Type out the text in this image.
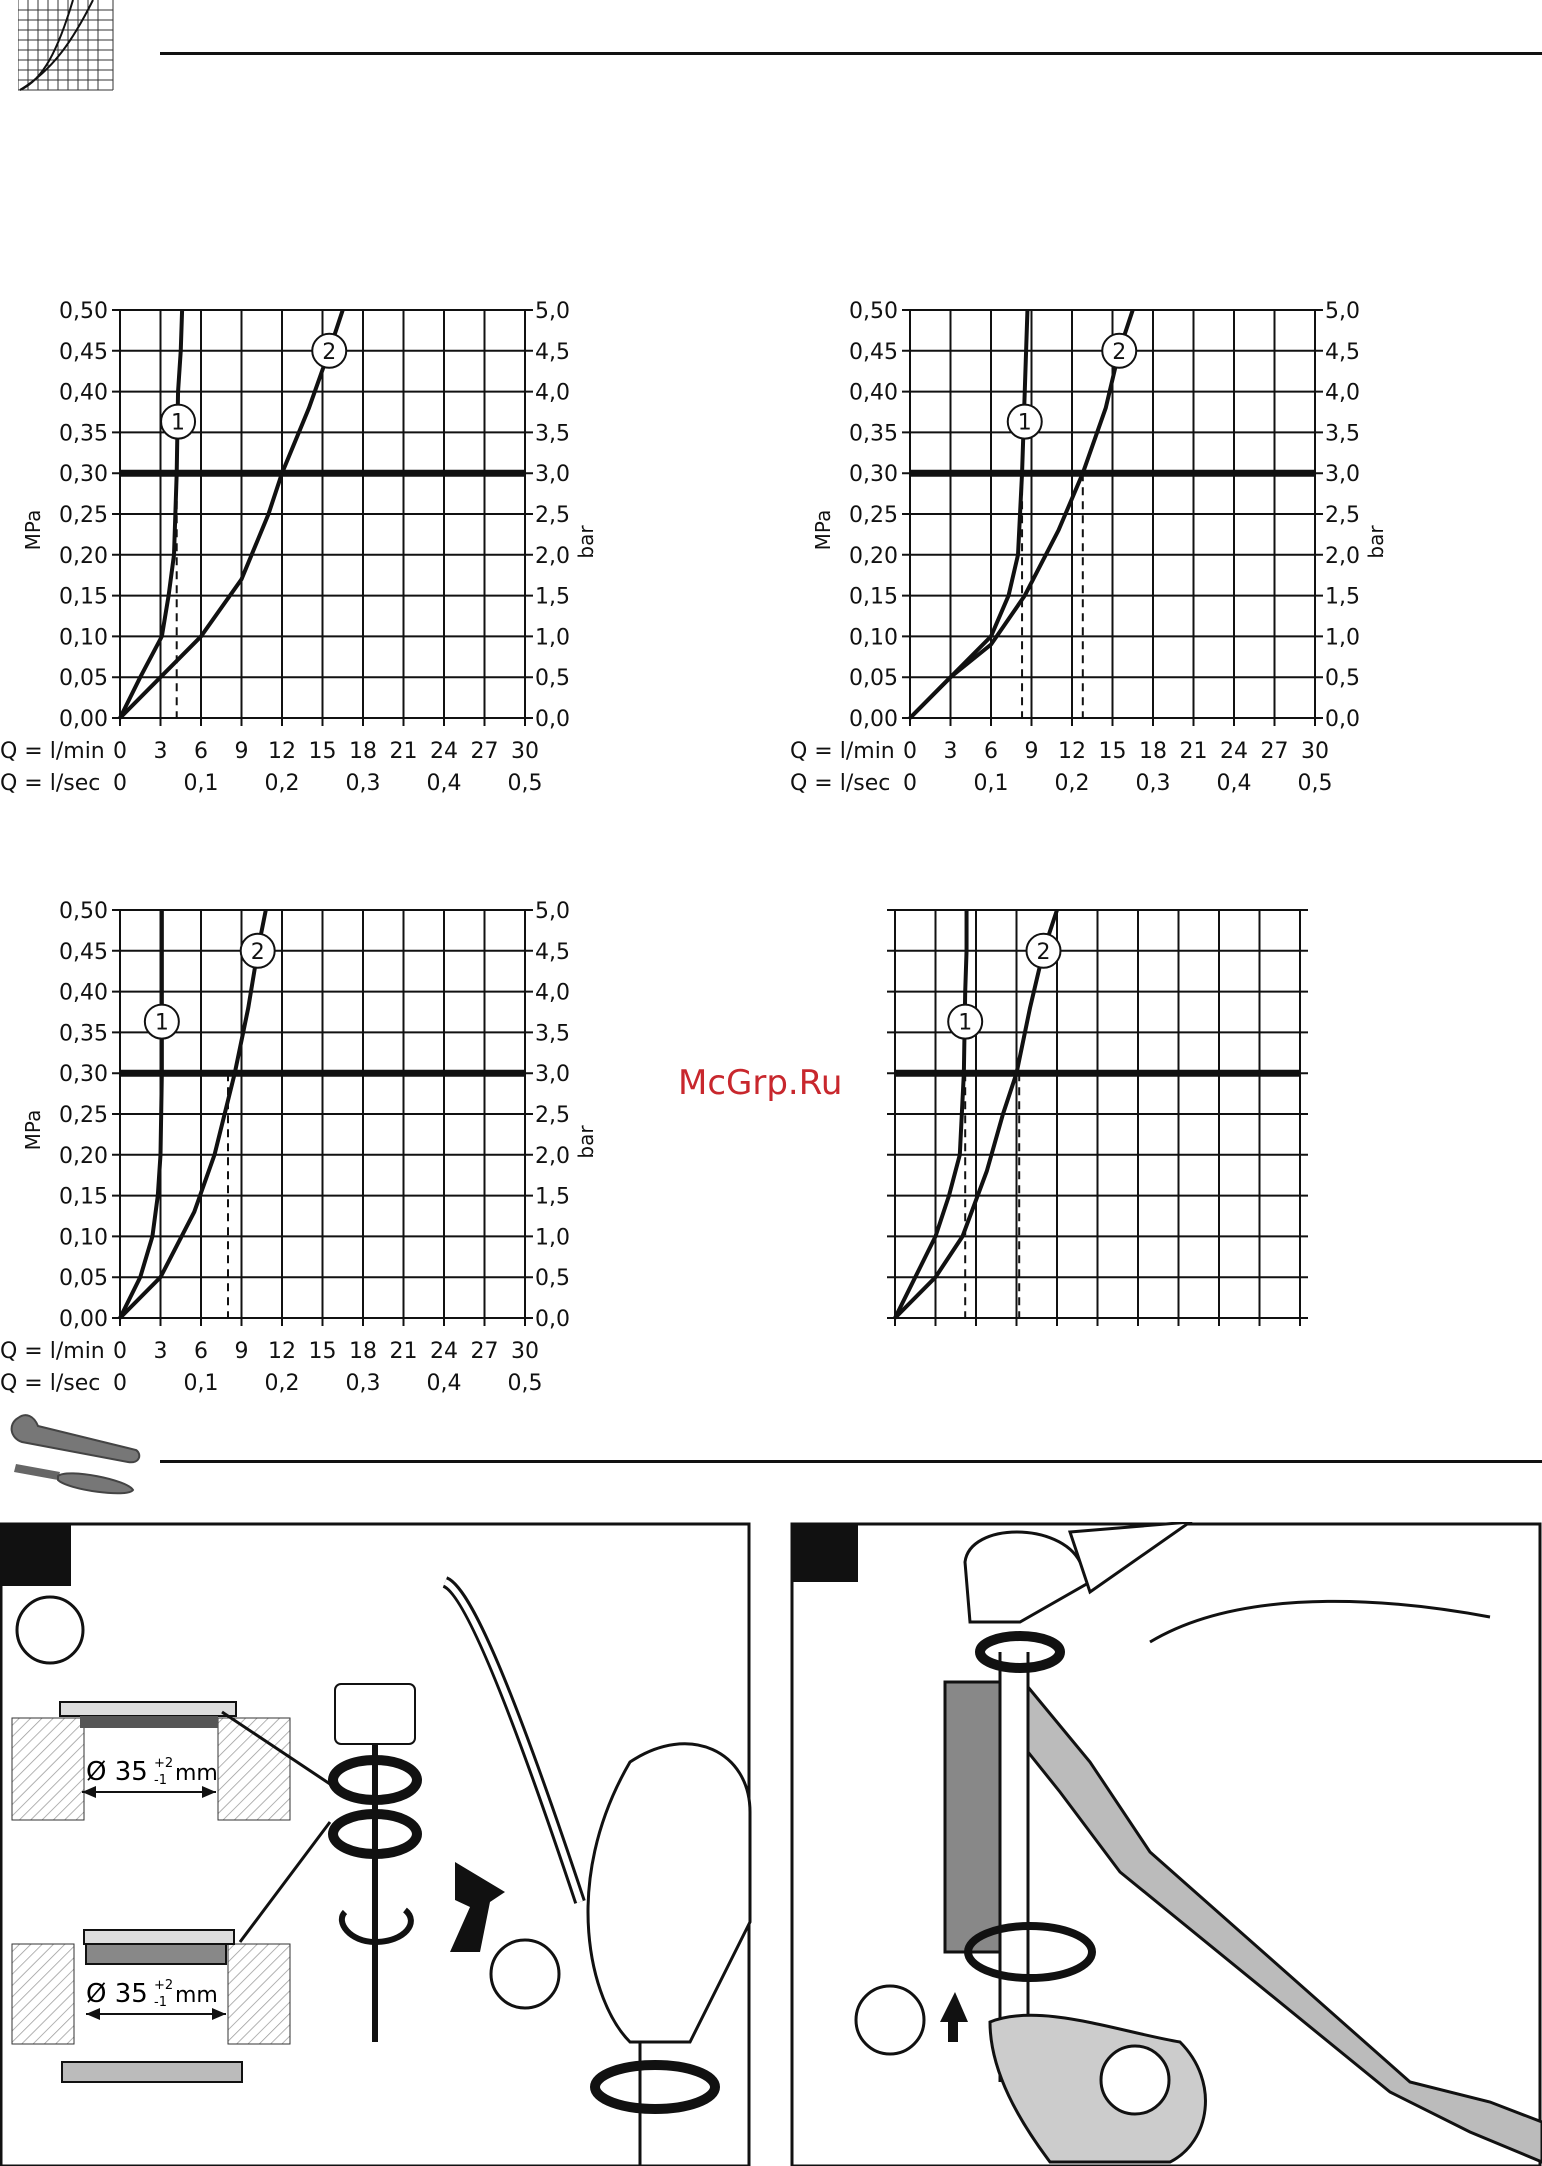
0,00
0,05
0,10
0,15
0,20
0,25
0,30
0,35
0,40
0,45
0,50
MPa
0,0
0,5
1,0
1,5
2,0
2,5
3,0
3,5
4,0
4,5
5,0
bar
Q = l/min 0 3 6 9 12 15 18 21 24 27 30
Q = l/sec 0	0,1 0,2 0,3 0,4 0,5
1
2
0,00
0,05
0,10
0,15
0,20
0,25
0,30
0,35
0,40
0,45
0,50
MPa
0,0
0,5
1,0
1,5
2,0
2,5
3,0
3,5
4,0
4,5
5,0
bar
Q = l/min 0 3 6 9 12 15 18 21 24 27 30
Q = l/sec 0	0,1 0,2 0,3 0,4 0,5
1
2
0,00
0,05
0,10
0,15
0,20
0,25
0,30
0,35
0,40
0,45
0,50
MPa
0,0
0,5
1,0
1,5
2,0
2,5
3,0
3,5
4,0
4,5
5,0
bar
Q = l/min 0 3 6 9 12 15 18 21 24 27 30
Q = l/sec 0	0,1 0,2 0,3 0,4 0,5
1
2
1
2
McGrp.Ru
Ø 35 +2
-1 mm
Ø 35 +2
-1 mm
